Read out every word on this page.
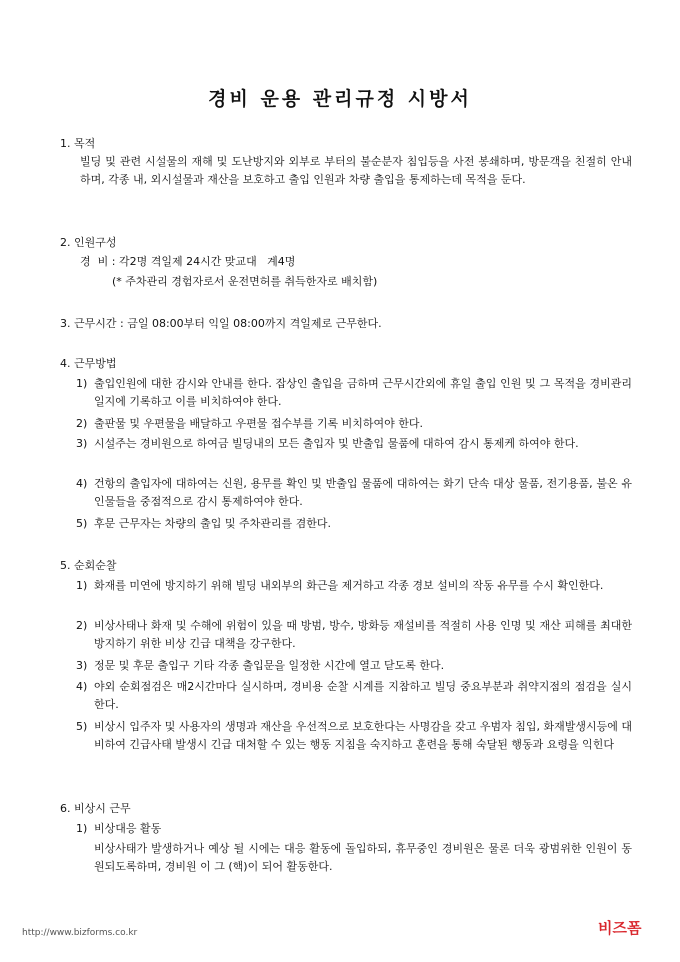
경비 운용 관리규정 시방서
1. 목적
빌딩 및 관련 시설물의 재해 및 도난방지와 외부로 부터의 불순분자 침입등을 사전 봉쇄하며, 방문객을 친절히 안내하며, 각종 내, 외시설물과 재산을 보호하고 출입 인원과 차량 출입을 통제하는데 목적을 둔다.
2. 인원구성
경  비 : 각2명 격일제 24시간 맞교대   계4명
(* 주차관리 경험자로서 운전면허를 취득한자로 배치함)
3. 근무시간 : 금일 08:00부터 익일 08:00까지 격일제로 근무한다.
4. 근무방법
1) 출입인원에 대한 감시와 안내를 한다. 잡상인 출입을 금하며 근무시간외에 휴일 출입 인원 및 그 목적을 경비관리일지에 기록하고 이를 비치하여야 한다.
2) 출판물 및 우편물을 배달하고 우편물 접수부를 기록 비치하여야 한다.
3) 시설주는 경비원으로 하여금 빌딩내의 모든 출입자 및 반출입 물품에 대하여 감시 통제케 하여야 한다.
4) 건항의 출입자에 대하여는 신원, 용무를 확인 및 반출입 물품에 대하여는 화기 단속 대상 물품, 전기용품, 불온 유인물들을 중점적으로 감시 통제하여야 한다.
5) 후문 근무자는 차량의 출입 및 주차관리를 겸한다.
5. 순회순찰
1) 화재를 미연에 방지하기 위해 빌딩 내외부의 화근을 제거하고 각종 경보 설비의 작동 유무를 수시 확인한다.
2) 비상사태나 화재 및 수해에 위험이 있을 때 방범, 방수, 방화등 재설비를 적절히 사용 인명 및 재산 피해를 최대한 방지하기 위한 비상 긴급 대책을 강구한다.
3) 정문 및 후문 출입구 기타 각종 출입문을 일정한 시간에 열고 닫도록 한다.
4) 야외 순회점검은 매2시간마다 실시하며, 경비용 순찰 시계를 지참하고 빌딩 중요부분과 취약지점의 점검을 실시한다.
5) 비상시 입주자 및 사용자의 생명과 재산을 우선적으로 보호한다는 사명감을 갖고 우범자 침입, 화재발생시등에 대비하여 긴급사태 발생시 긴급 대처할 수 있는 행동 지침을 숙지하고 훈련을 통해 숙달된 행동과 요령을 익힌다
6. 비상시 근무
1) 비상대응 활동
비상사태가 발생하거나 예상 될 시에는 대응 활동에 돌입하되, 휴무중인 경비원은 물론 더욱 광범위한 인원이 동원되도록하며, 경비원 이 그 (핵)이 되어 활동한다.
http://www.bizforms.co.kr	비즈폼
